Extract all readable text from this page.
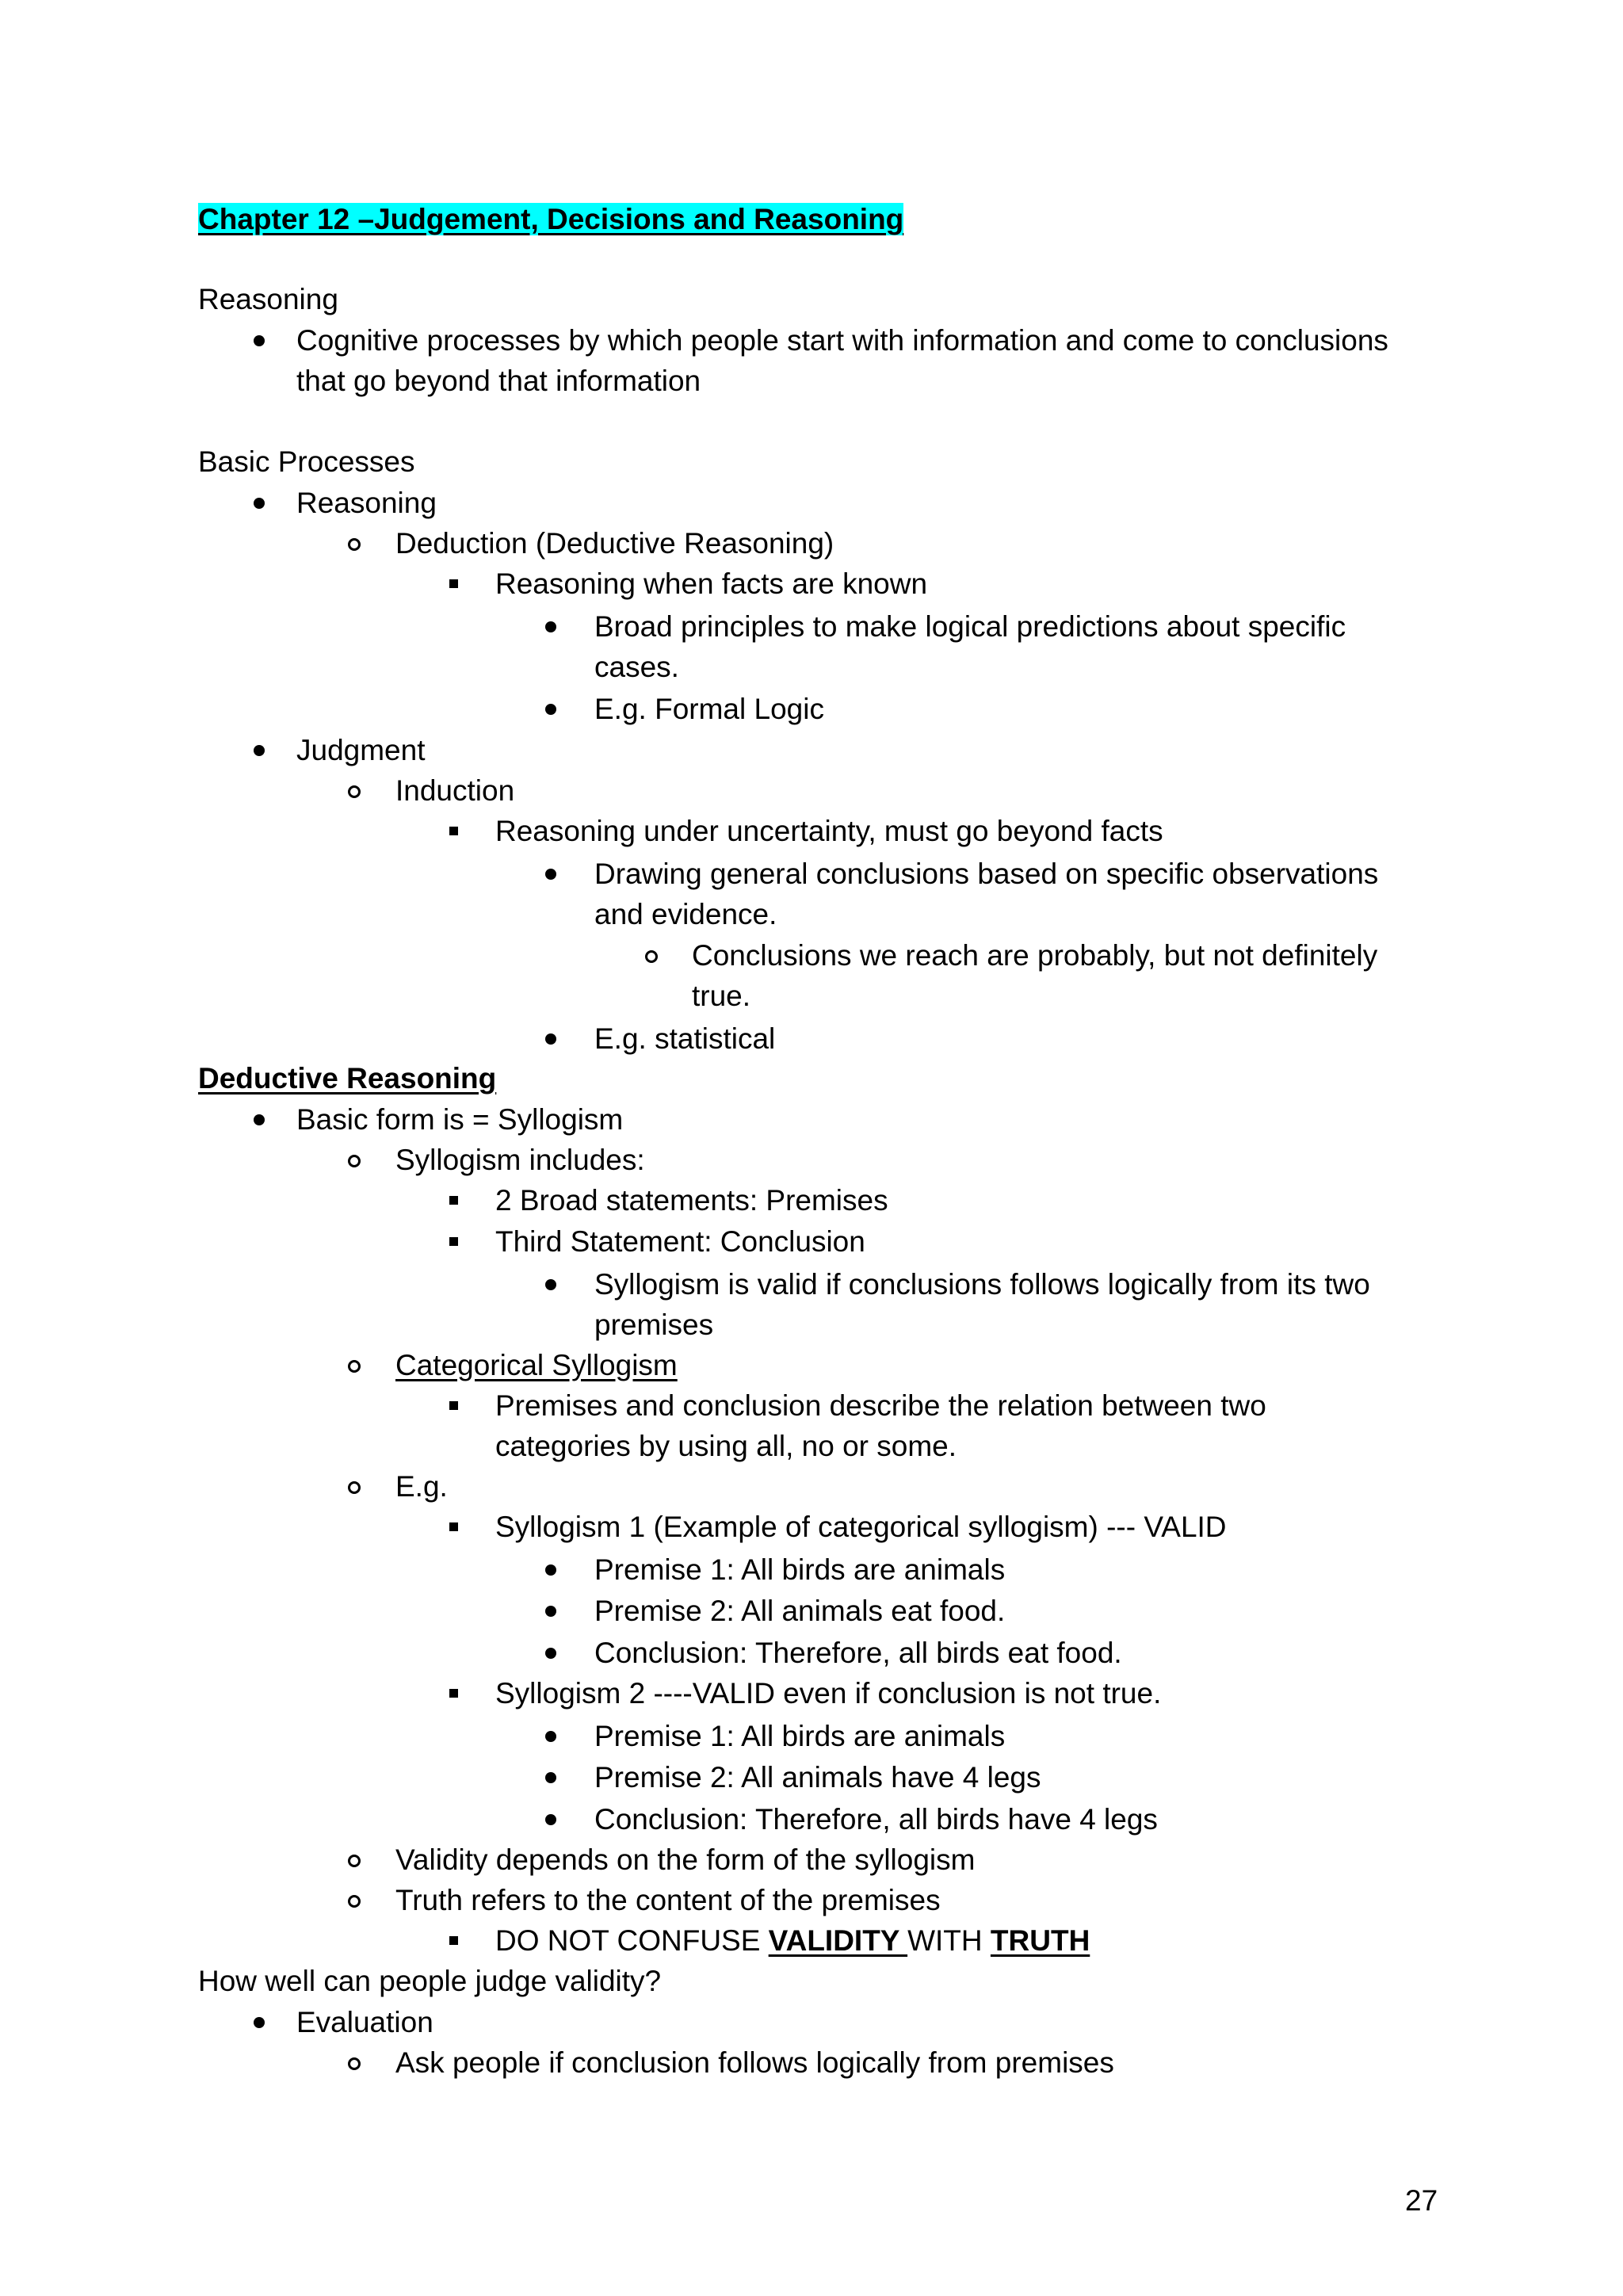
Chapter 12 –Judgement, Decisions and Reasoning
Reasoning
Cognitive processes by which people start with information and come to conclusions
that go beyond that information
Basic Processes
Reasoning
Deduction (Deductive Reasoning)
Reasoning when facts are known
Broad principles to make logical predictions about specific
cases.
E.g. Formal Logic
Judgment
Induction
Reasoning under uncertainty, must go beyond facts
Drawing general conclusions based on specific observations
and evidence.
Conclusions we reach are probably, but not definitely
true.
E.g. statistical
Deductive Reasoning
Basic form is = Syllogism
Syllogism includes:
2 Broad statements: Premises
Third Statement: Conclusion
Syllogism is valid if conclusions follows logically from its two
premises
Categorical Syllogism
Premises and conclusion describe the relation between two
categories by using all, no or some.
E.g.
Syllogism 1 (Example of categorical syllogism) --- VALID
Premise 1: All birds are animals
Premise 2: All animals eat food.
Conclusion: Therefore, all birds eat food.
Syllogism 2 ----VALID even if conclusion is not true.
Premise 1: All birds are animals
Premise 2: All animals have 4 legs
Conclusion: Therefore, all birds have 4 legs
Validity depends on the form of the syllogism
Truth refers to the content of the premises
DO NOT CONFUSE VALIDITY WITH TRUTH
How well can people judge validity?
Evaluation
Ask people if conclusion follows logically from premises
27
